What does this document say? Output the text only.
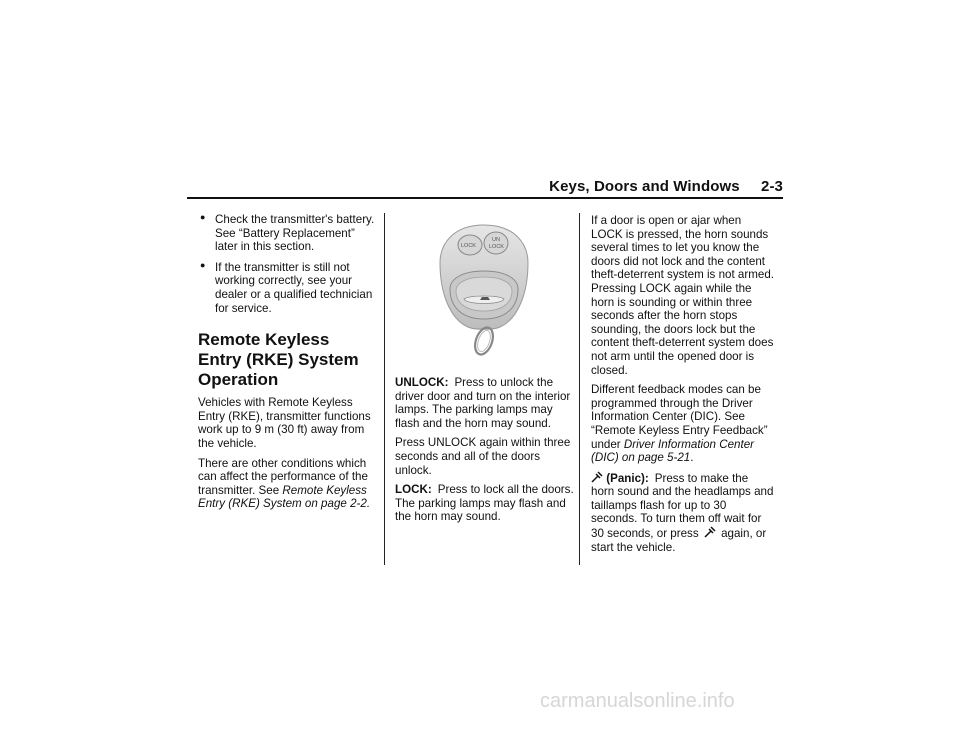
Keys, Doors and Windows     2-3
● Check the transmitter's battery. See “Battery Replacement” later in this section.
● If the transmitter is still not working correctly, see your dealer or a qualified technician for service.
Remote Keyless Entry (RKE) System Operation

Vehicles with Remote Keyless Entry (RKE), transmitter functions work up to 9 m (30 ft) away from the vehicle.

There are other conditions which can affect the performance of the transmitter. See Remote Keyless Entry (RKE) System on page 2-2.

LOCK
UN
LOCK

UNLOCK: Press to unlock the driver door and turn on the interior lamps. The parking lamps may flash and the horn may sound.

Press UNLOCK again within three seconds and all of the doors unlock.

LOCK: Press to lock all the doors. The parking lamps may flash and the horn may sound.

If a door is open or ajar when LOCK is pressed, the horn sounds several times to let you know the doors did not lock and the content theft-deterrent system is not armed. Pressing LOCK again while the horn is sounding or within three seconds after the horn stops sounding, the doors lock but the content theft-deterrent system does not arm until the opened door is closed.

Different feedback modes can be programmed through the Driver Information Center (DIC). See “Remote Keyless Entry Feedback” under Driver Information Center (DIC) on page 5-21.

(Panic): Press to make the horn sound and the headlamps and taillamps flash for up to 30 seconds. To turn them off wait for 30 seconds, or press again, or start the vehicle.

carmanualsonline.info
